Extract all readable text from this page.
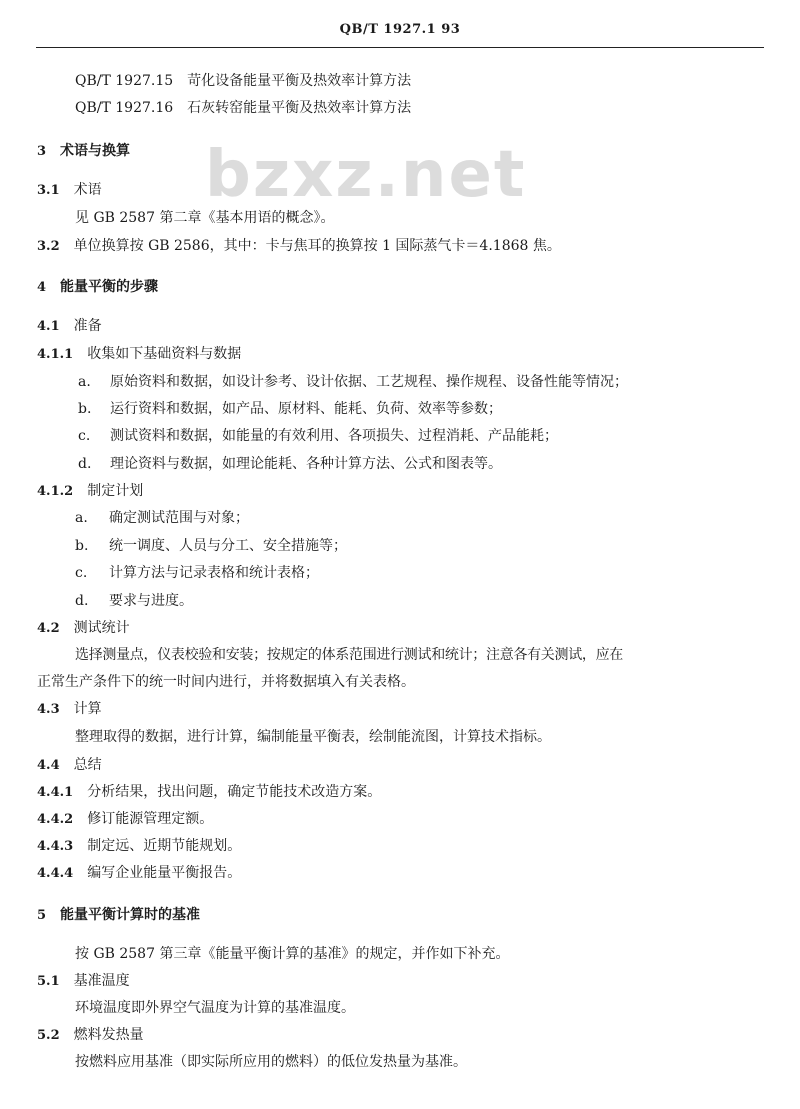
QB/T 1927.1 93
bzxz.net
QB/T 1927.15 苛化设备能量平衡及热效率计算方法
QB/T 1927.16 石灰转窑能量平衡及热效率计算方法
3 术语与换算
3.1 术语
见 GB 2587 第二章《基本用语的概念》。
3.2 单位换算按 GB 2586，其中：卡与焦耳的换算按 1 国际蒸气卡＝4.1868 焦。
4 能量平衡的步骤
4.1 准备
4.1.1 收集如下基础资料与数据
a. 原始资料和数据，如设计参考、设计依据、工艺规程、操作规程、设备性能等情况；
b. 运行资料和数据，如产品、原材料、能耗、负荷、效率等参数；
c. 测试资料和数据，如能量的有效利用、各项损失、过程消耗、产品能耗；
d. 理论资料与数据，如理论能耗、各种计算方法、公式和图表等。
4.1.2 制定计划
a. 确定测试范围与对象；
b. 统一调度、人员与分工、安全措施等；
c. 计算方法与记录表格和统计表格；
d. 要求与进度。
4.2 测试统计
选择测量点，仪表校验和安装；按规定的体系范围进行测试和统计；注意各有关测试，应在
正常生产条件下的统一时间内进行，并将数据填入有关表格。
4.3 计算
整理取得的数据，进行计算，编制能量平衡表，绘制能流图，计算技术指标。
4.4 总结
4.4.1 分析结果，找出问题，确定节能技术改造方案。
4.4.2 修订能源管理定额。
4.4.3 制定远、近期节能规划。
4.4.4 编写企业能量平衡报告。
5 能量平衡计算时的基准
按 GB 2587 第三章《能量平衡计算的基准》的规定，并作如下补充。
5.1 基准温度
环境温度即外界空气温度为计算的基准温度。
5.2 燃料发热量
按燃料应用基准（即实际所应用的燃料）的低位发热量为基准。
